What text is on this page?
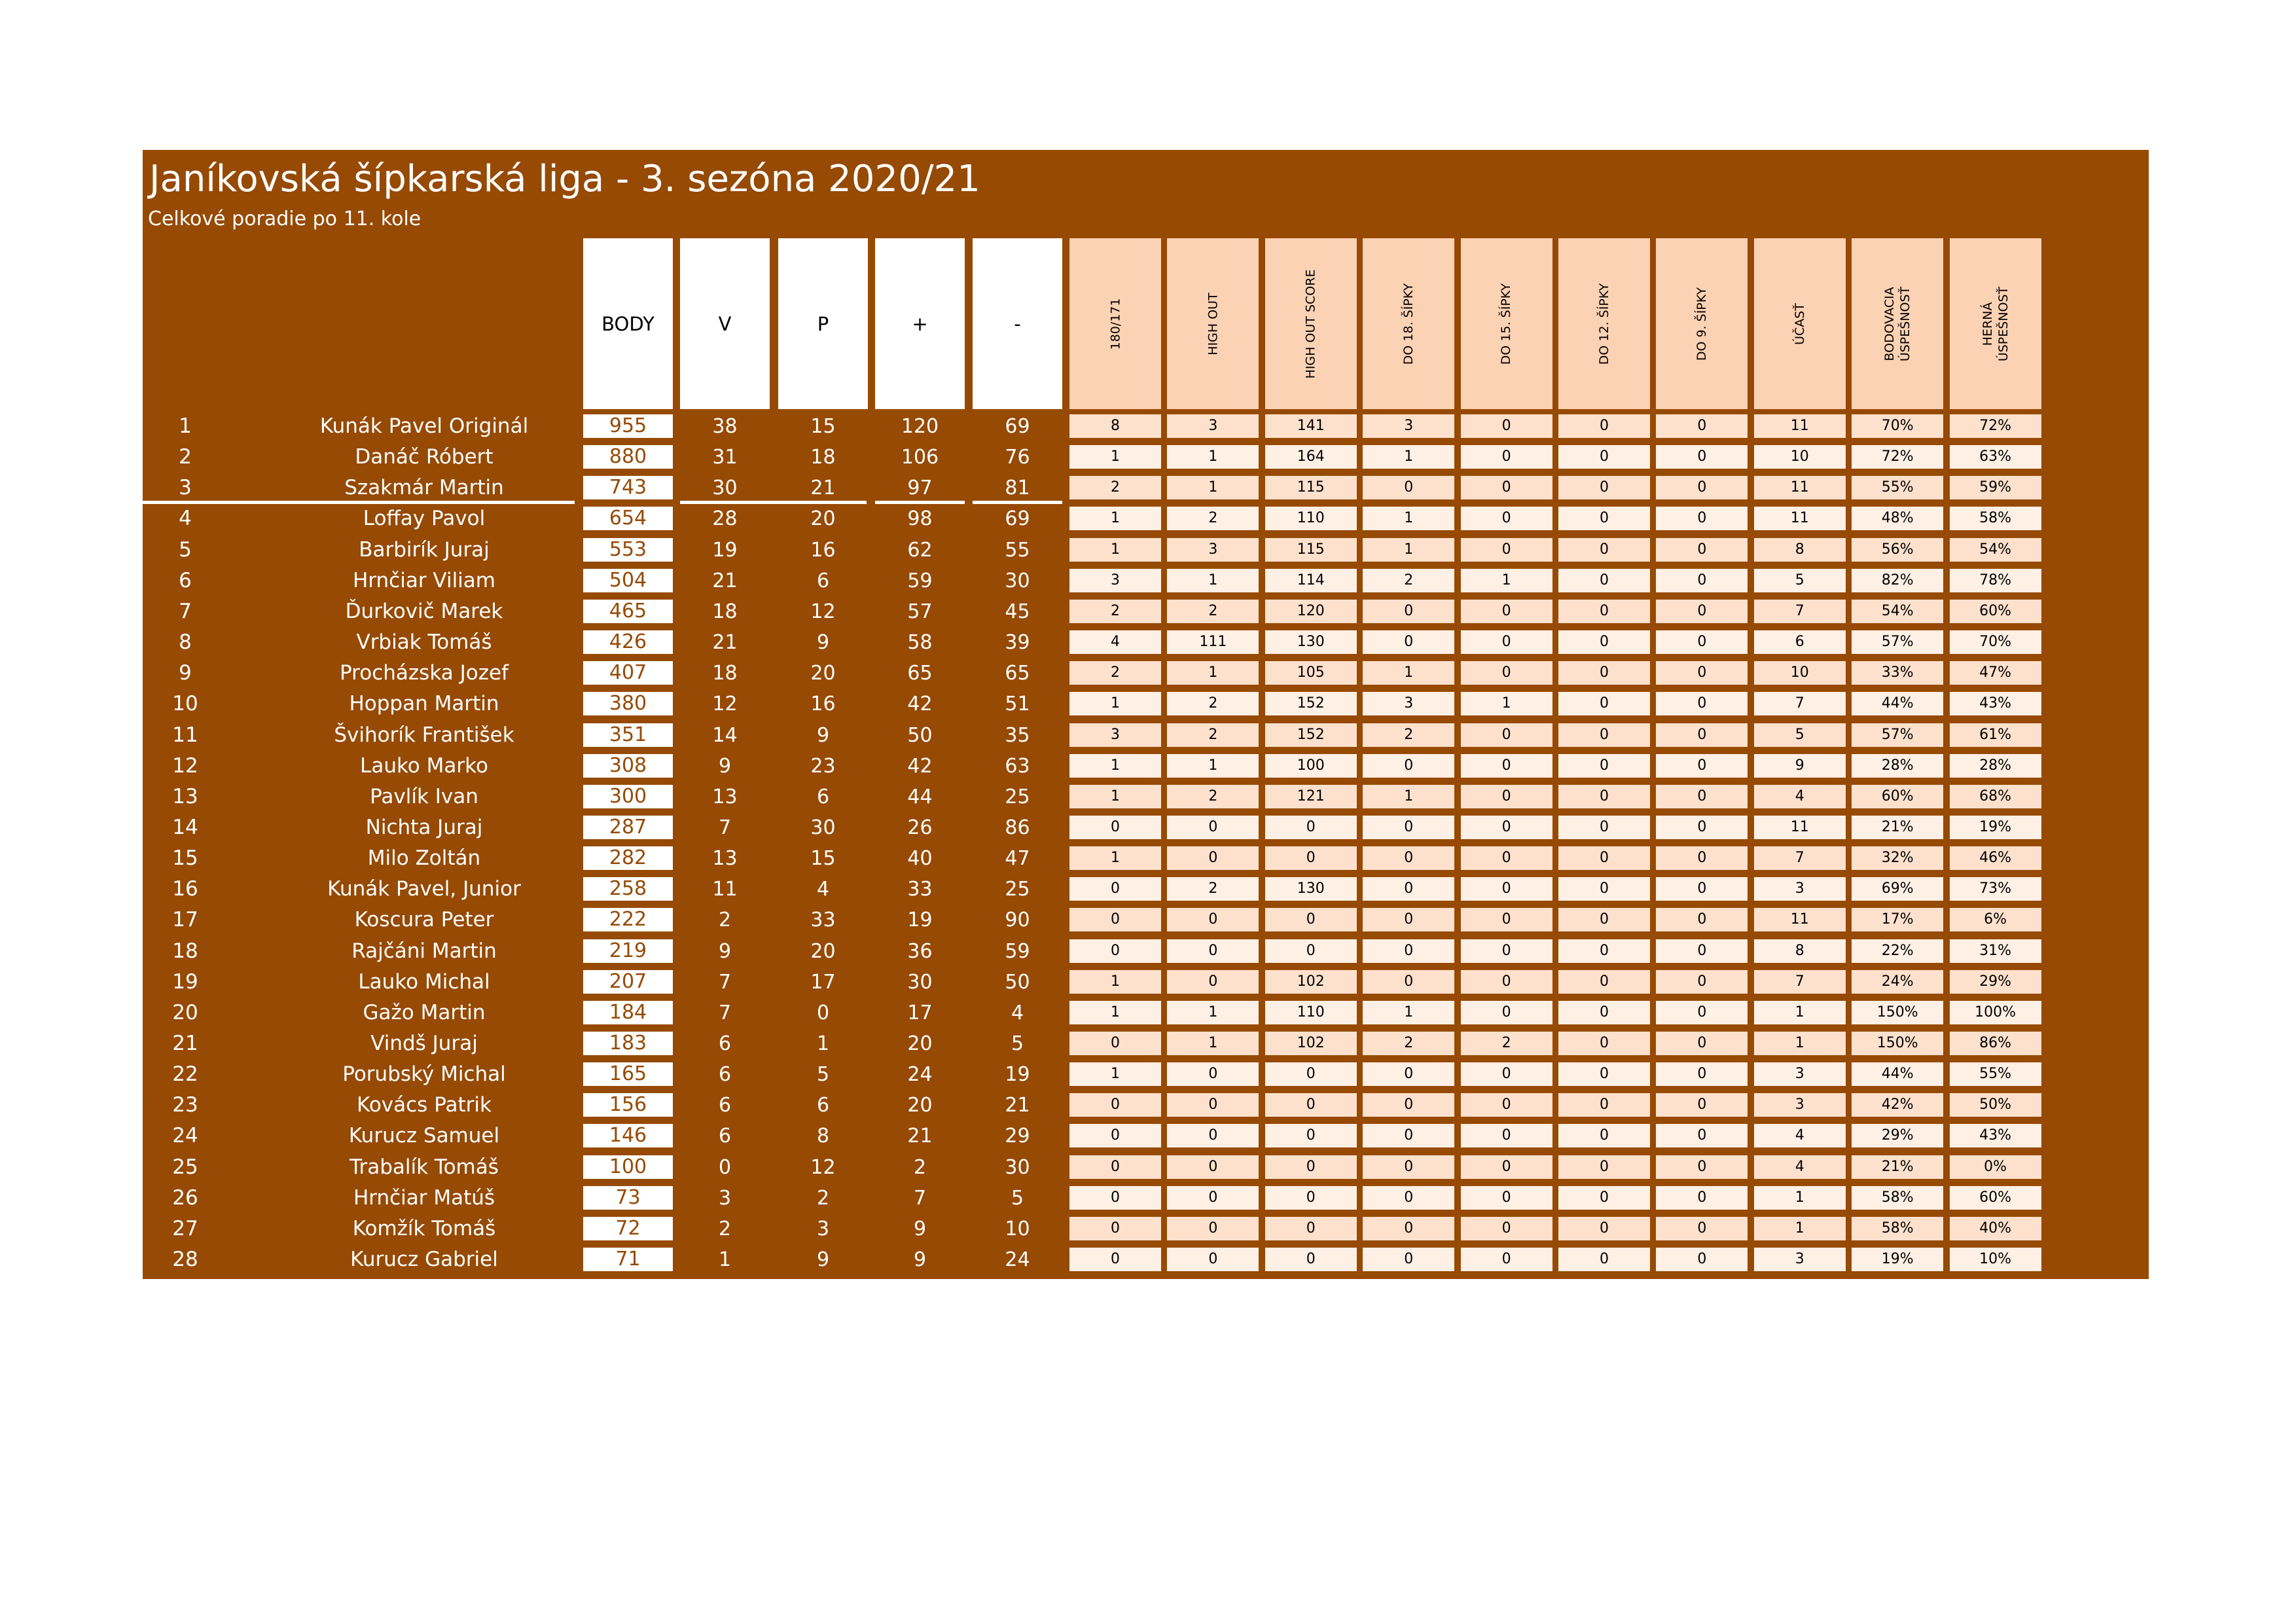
Janíkovská šípkarská liga - 3. sezóna 2020/21
Celkové poradie po 11. kole
BODY	V	P	+	-	180/171	HIGH OUT	HIGH OUT SCORE	DO 18. ŠÍPKY	DO 15. ŠÍPKY	DO 12. ŠÍPKY	DO 9. ŠÍPKY	ÚČASŤ	BODOVACIA ÚSPEŠNOSŤ	HERNÁ ÚSPEŠNOSŤ
1	Kunák Pavel Originál	955	38	15	120	69	8	3	141	3	0	0	0	11	70%	72%
2	Danáč Róbert	880	31	18	106	76	1	1	164	1	0	0	0	10	72%	63%
3	Szakmár Martin	743	30	21	97	81	2	1	115	0	0	0	0	11	55%	59%
4	Loffay Pavol	654	28	20	98	69	1	2	110	1	0	0	0	11	48%	58%
5	Barbirík Juraj	553	19	16	62	55	1	3	115	1	0	0	0	8	56%	54%
6	Hrnčiar Viliam	504	21	6	59	30	3	1	114	2	1	0	0	5	82%	78%
7	Ďurkovič Marek	465	18	12	57	45	2	2	120	0	0	0	0	7	54%	60%
8	Vrbiak Tomáš	426	21	9	58	39	4	111	130	0	0	0	0	6	57%	70%
9	Procházska Jozef	407	18	20	65	65	2	1	105	1	0	0	0	10	33%	47%
10	Hoppan Martin	380	12	16	42	51	1	2	152	3	1	0	0	7	44%	43%
11	Švihorík František	351	14	9	50	35	3	2	152	2	0	0	0	5	57%	61%
12	Lauko Marko	308	9	23	42	63	1	1	100	0	0	0	0	9	28%	28%
13	Pavlík Ivan	300	13	6	44	25	1	2	121	1	0	0	0	4	60%	68%
14	Nichta Juraj	287	7	30	26	86	0	0	0	0	0	0	0	11	21%	19%
15	Milo Zoltán	282	13	15	40	47	1	0	0	0	0	0	0	7	32%	46%
16	Kunák Pavel, Junior	258	11	4	33	25	0	2	130	0	0	0	0	3	69%	73%
17	Koscura Peter	222	2	33	19	90	0	0	0	0	0	0	0	11	17%	6%
18	Rajčáni Martin	219	9	20	36	59	0	0	0	0	0	0	0	8	22%	31%
19	Lauko Michal	207	7	17	30	50	1	0	102	0	0	0	0	7	24%	29%
20	Gažo Martin	184	7	0	17	4	1	1	110	1	0	0	0	1	150%	100%
21	Vindš Juraj	183	6	1	20	5	0	1	102	2	2	0	0	1	150%	86%
22	Porubský Michal	165	6	5	24	19	1	0	0	0	0	0	0	3	44%	55%
23	Kovács Patrik	156	6	6	20	21	0	0	0	0	0	0	0	3	42%	50%
24	Kurucz Samuel	146	6	8	21	29	0	0	0	0	0	0	0	4	29%	43%
25	Trabalík Tomáš	100	0	12	2	30	0	0	0	0	0	0	0	4	21%	0%
26	Hrnčiar Matúš	73	3	2	7	5	0	0	0	0	0	0	0	1	58%	60%
27	Komžík Tomáš	72	2	3	9	10	0	0	0	0	0	0	0	1	58%	40%
28	Kurucz Gabriel	71	1	9	9	24	0	0	0	0	0	0	0	3	19%	10%
